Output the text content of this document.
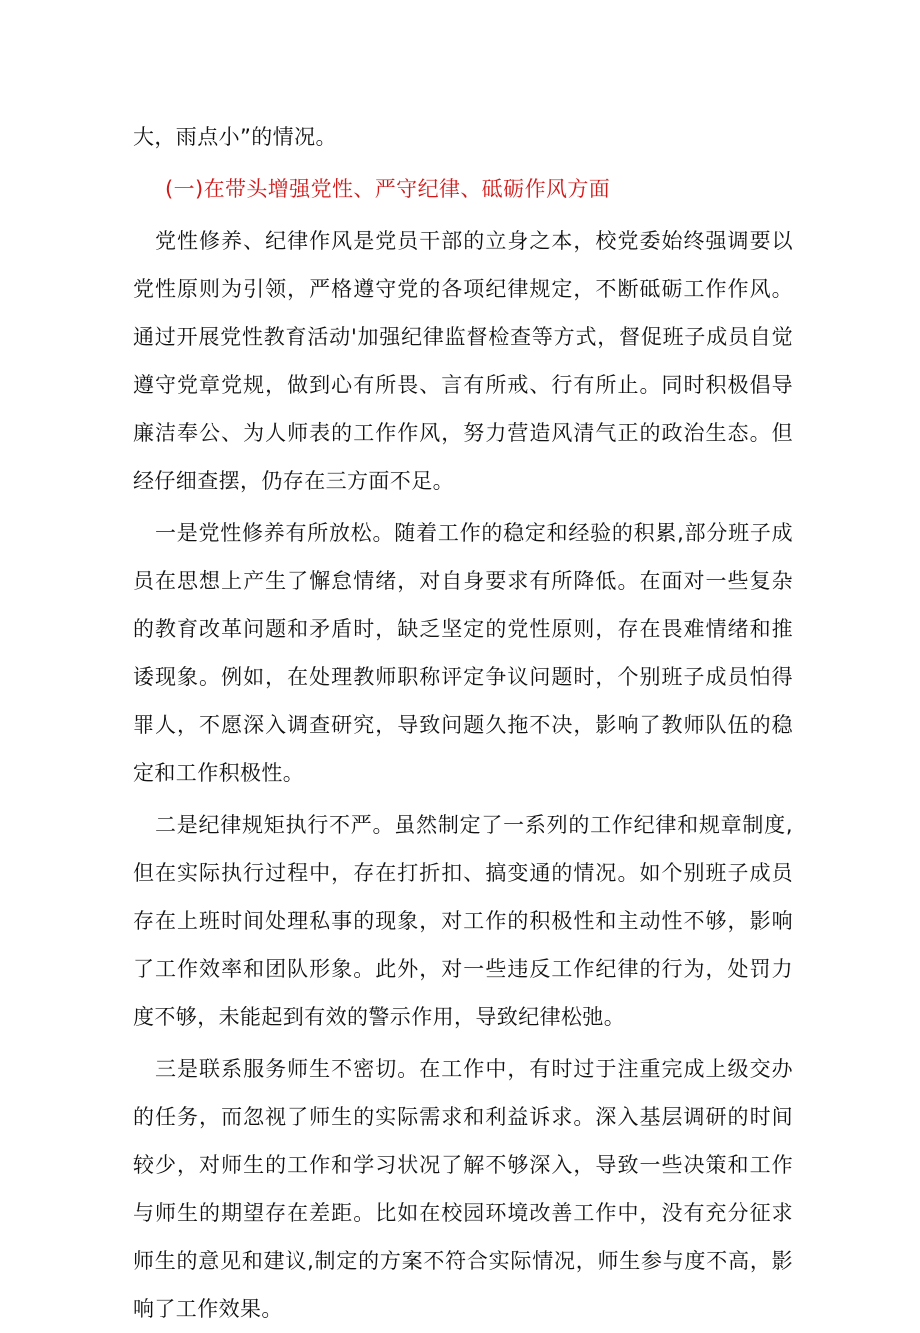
大，雨点小”的情况。

(一)在带头增强党性、严守纪律、砥砺作风方面

党性修养、纪律作风是党员干部的立身之本，校党委始终强调要以党性原则为引领，严格遵守党的各项纪律规定，不断砥砺工作作风。通过开展党性教育活动'加强纪律监督检查等方式，督促班子成员自觉遵守党章党规，做到心有所畏、言有所戒、行有所止。同时积极倡导廉洁奉公、为人师表的工作作风，努力营造风清气正的政治生态。但经仔细查摆，仍存在三方面不足。

一是党性修养有所放松。随着工作的稳定和经验的积累,部分班子成员在思想上产生了懈怠情绪，对自身要求有所降低。在面对一些复杂的教育改革问题和矛盾时，缺乏坚定的党性原则，存在畏难情绪和推诿现象。例如，在处理教师职称评定争议问题时，个别班子成员怕得罪人，不愿深入调查研究，导致问题久拖不决，影响了教师队伍的稳定和工作积极性。

二是纪律规矩执行不严。虽然制定了一系列的工作纪律和规章制度,但在实际执行过程中，存在打折扣、搞变通的情况。如个别班子成员存在上班时间处理私事的现象，对工作的积极性和主动性不够，影响了工作效率和团队形象。此外，对一些违反工作纪律的行为，处罚力度不够，未能起到有效的警示作用，导致纪律松弛。

三是联系服务师生不密切。在工作中，有时过于注重完成上级交办的任务，而忽视了师生的实际需求和利益诉求。深入基层调研的时间较少，对师生的工作和学习状况了解不够深入，导致一些决策和工作与师生的期望存在差距。比如在校园环境改善工作中，没有充分征求师生的意见和建议,制定的方案不符合实际情况，师生参与度不高，影响了工作效果。
